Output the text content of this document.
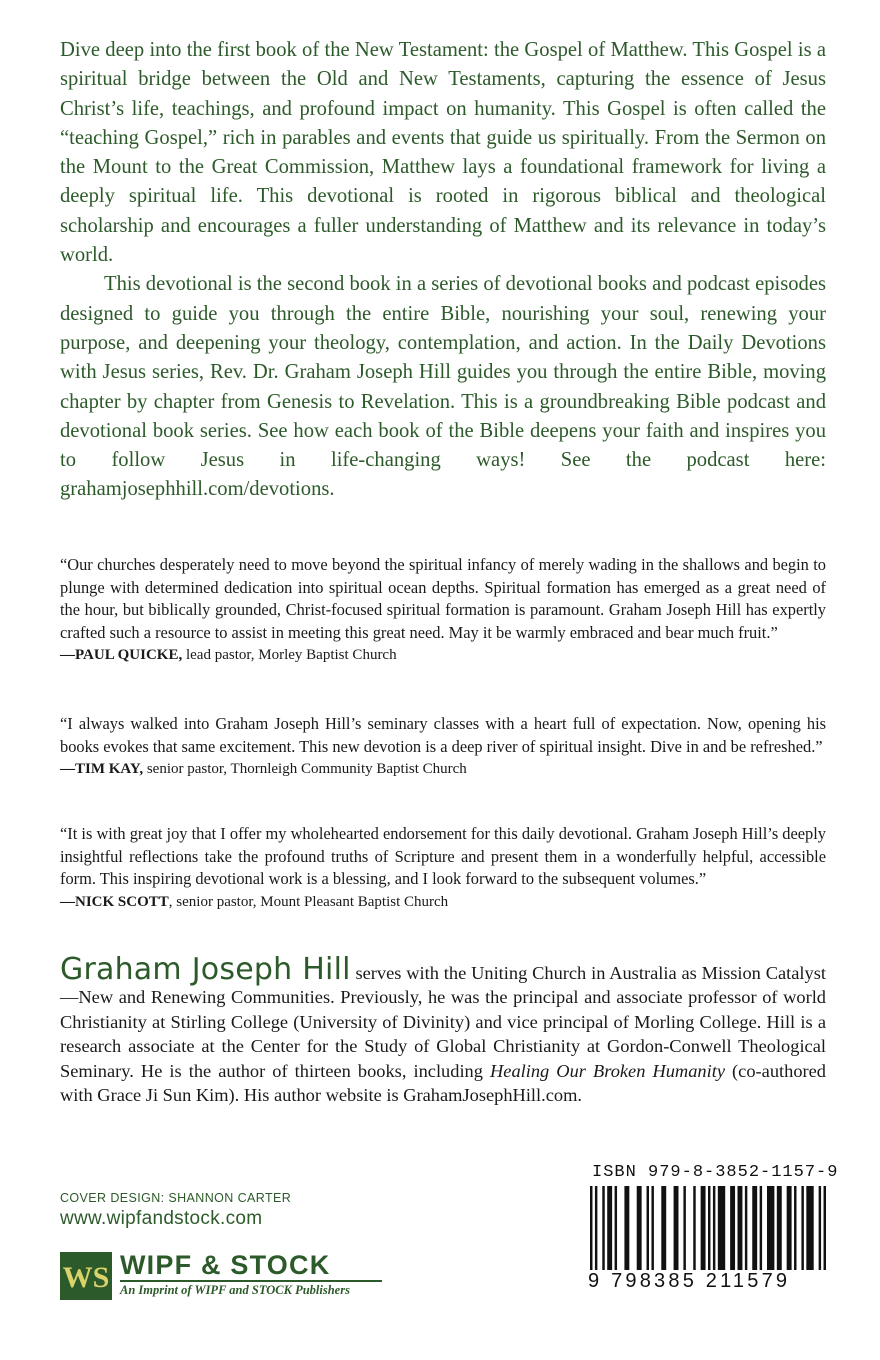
Dive deep into the first book of the New Testament: the Gospel of Matthew. This Gospel is a spiritual bridge between the Old and New Testaments, capturing the essence of Jesus Christ’s life, teachings, and profound impact on humanity. This Gospel is often called the “teaching Gospel,” rich in parables and events that guide us spiritually. From the Sermon on the Mount to the Great Commission, Matthew lays a foundational framework for living a deeply spiritual life. This devotional is rooted in rigorous biblical and theological scholarship and encourages a fuller understanding of Matthew and its relevance in today’s world.

This devotional is the second book in a series of devotional books and podcast episodes designed to guide you through the entire Bible, nourishing your soul, renewing your purpose, and deepening your theology, contemplation, and action. In the Daily Devotions with Jesus series, Rev. Dr. Graham Joseph Hill guides you through the entire Bible, moving chapter by chapter from Genesis to Revelation. This is a groundbreaking Bible podcast and devotional book series. See how each book of the Bible deepens your faith and inspires you to follow Jesus in life-changing ways! See the podcast here: grahamjosephhill.com/devotions.

“Our churches desperately need to move beyond the spiritual infancy of merely wading in the shallows and begin to plunge with determined dedication into spiritual ocean depths. Spiritual formation has emerged as a great need of the hour, but biblically grounded, Christ-focused spiritual formation is paramount. Graham Joseph Hill has expertly crafted such a resource to assist in meeting this great need. May it be warmly embraced and bear much fruit.”

—PAUL QUICKE, lead pastor, Morley Baptist Church

“I always walked into Graham Joseph Hill’s seminary classes with a heart full of expectation. Now, opening his books evokes that same excitement. This new devotion is a deep river of spiritual insight. Dive in and be refreshed.”

—TIM KAY, senior pastor, Thornleigh Community Baptist Church

“It is with great joy that I offer my wholehearted endorsement for this daily devotional. Graham Joseph Hill’s deeply insightful reflections take the profound truths of Scripture and present them in a wonderfully helpful, accessible form. This inspiring devotional work is a blessing, and I look forward to the subsequent volumes.”

—NICK SCOTT, senior pastor, Mount Pleasant Baptist Church

Graham Joseph Hill serves with the Uniting Church in Australia as Mission Catalyst—New and Renewing Communities. Previously, he was the principal and associate professor of world Christianity at Stirling College (University of Divinity) and vice principal of Morling College. Hill is a research associate at the Center for the Study of Global Christianity at Gordon-Conwell Theological Seminary. He is the author of thirteen books, including Healing Our Broken Humanity (co-authored with Grace Ji Sun Kim). His author website is GrahamJosephHill.com.
COVER DESIGN: SHANNON CARTER
www.wipfandstock.com
WS WIPF & STOCK
An Imprint of WIPF and STOCK Publishers
ISBN 979-8-3852-1157-9
9 798385 211579
